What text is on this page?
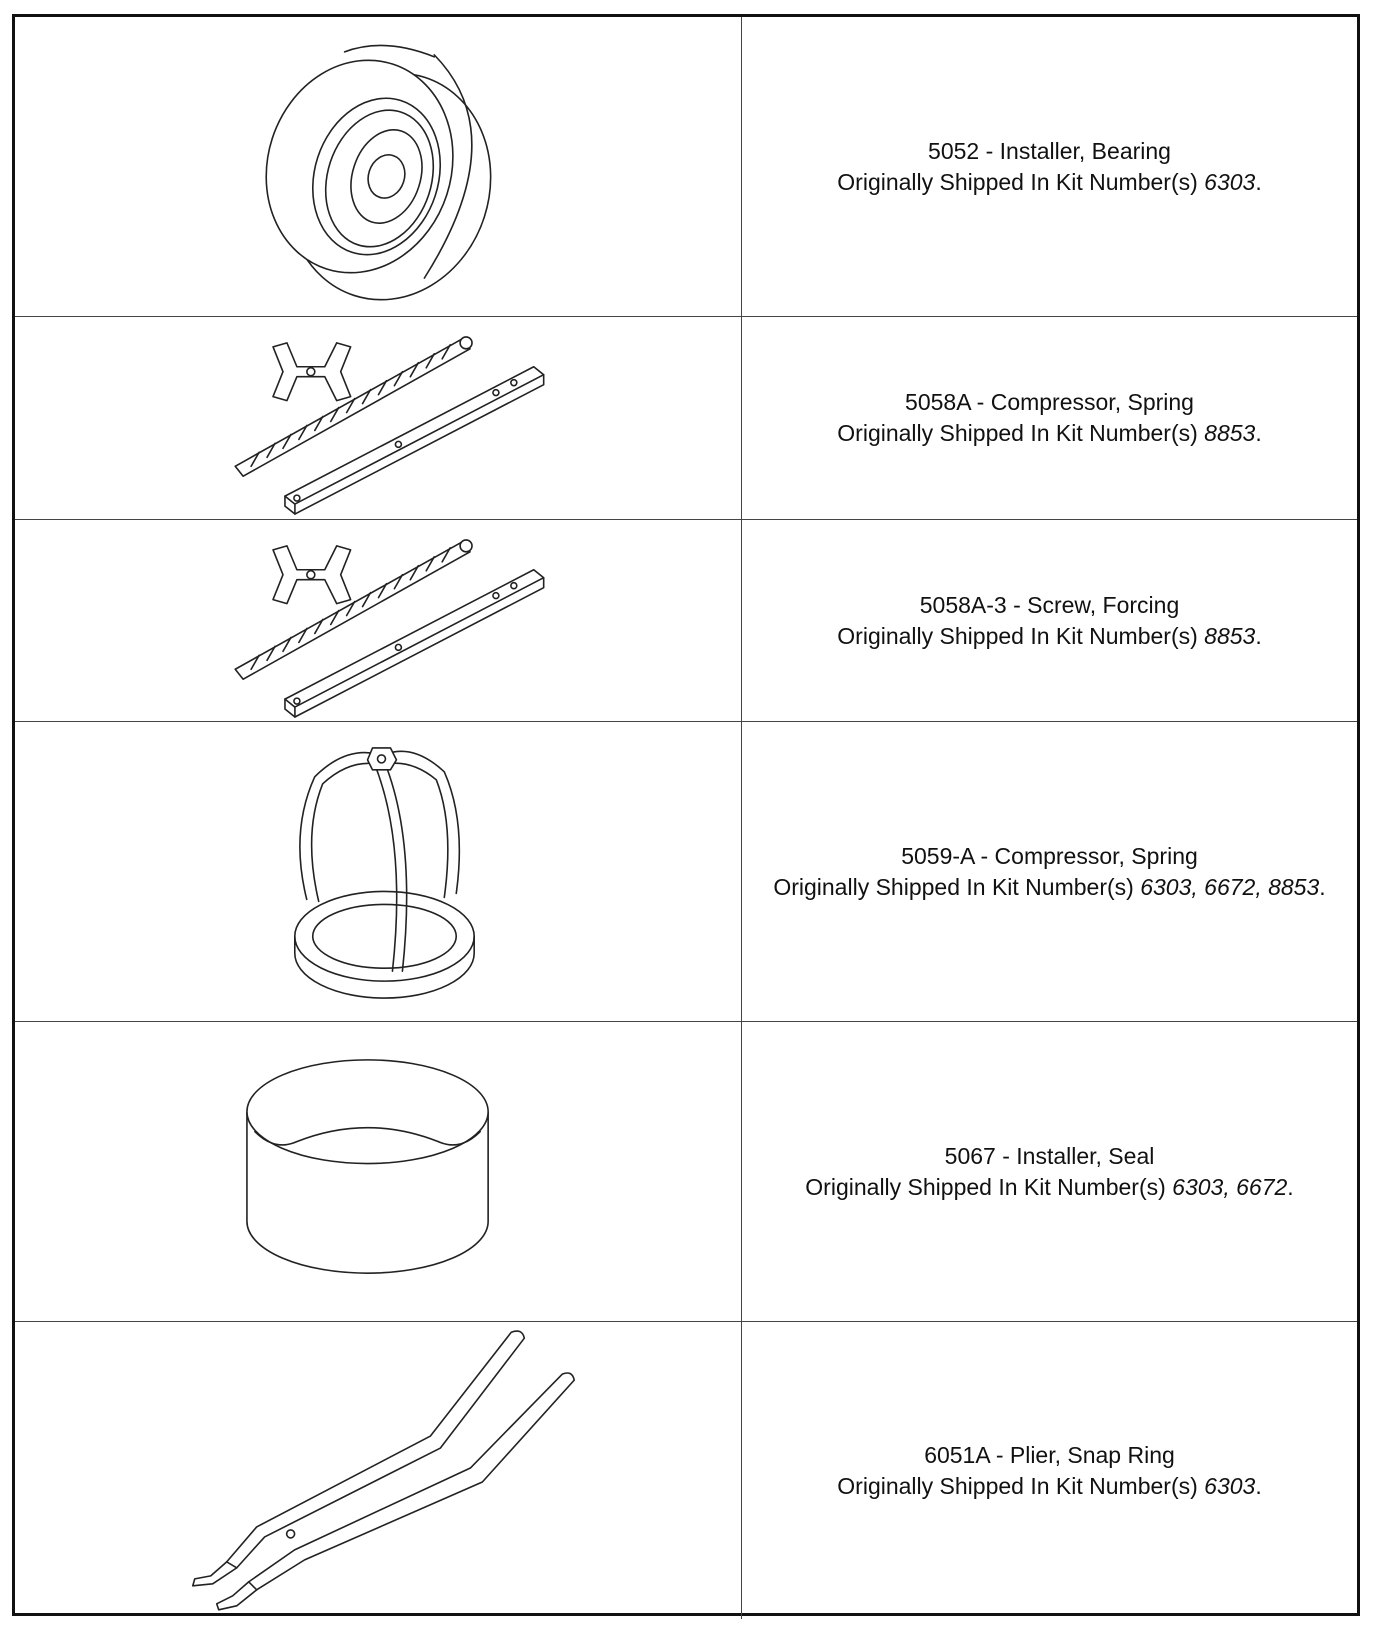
5052 - Installer, Bearing
Originally Shipped In Kit Number(s) 6303.
5058A - Compressor, Spring
Originally Shipped In Kit Number(s) 8853.
5058A-3 - Screw, Forcing
Originally Shipped In Kit Number(s) 8853.
5059-A - Compressor, Spring
Originally Shipped In Kit Number(s) 6303, 6672, 8853.
5067 - Installer, Seal
Originally Shipped In Kit Number(s) 6303, 6672.
6051A - Plier, Snap Ring
Originally Shipped In Kit Number(s) 6303.
